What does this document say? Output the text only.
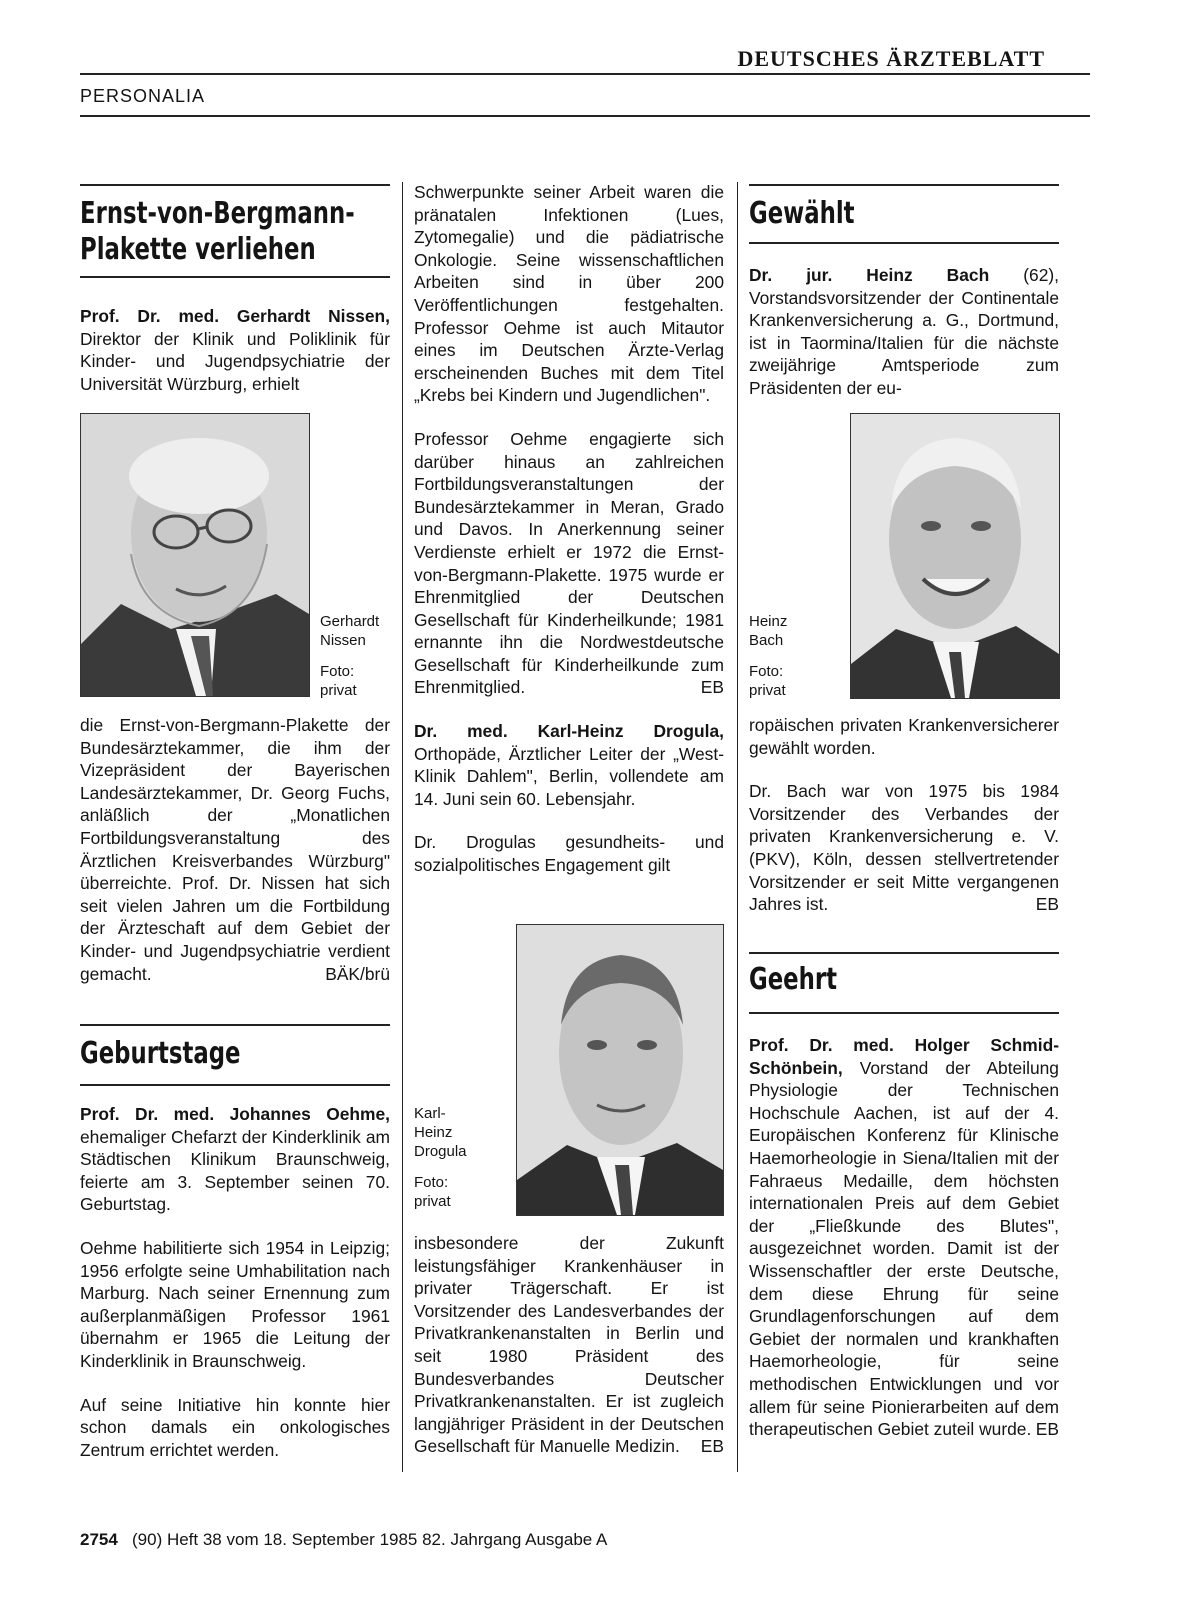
DEUTSCHES ÄRZTEBLATT
PERSONALIA
Ernst-von-Bergmann-
Plakette verliehen

Prof. Dr. med. Gerhardt Nissen, Direktor der Klinik und Poliklinik für Kinder- und Jugendpsychiatrie der Universität Würzburg, erhielt

Gerhardt
Nissen
Foto:
privat

die Ernst-von-Bergmann-Plakette der Bundesärztekammer, die ihm der Vizepräsident der Bayerischen Landesärztekammer, Dr. Georg Fuchs, anläßlich der „Monatlichen Fortbildungsveranstaltung des Ärztlichen Kreisverbandes Würzburg" überreichte. Prof. Dr. Nissen hat sich seit vielen Jahren um die Fortbildung der Ärzteschaft auf dem Gebiet der Kinder- und Jugendpsychiatrie verdient gemacht.	BÄK/brü

Geburtstage

Prof. Dr. med. Johannes Oehme, ehemaliger Chefarzt der Kinderklinik am Städtischen Klinikum Braunschweig, feierte am 3. September seinen 70. Geburtstag.

Oehme habilitierte sich 1954 in Leipzig; 1956 erfolgte seine Umhabilitation nach Marburg. Nach seiner Ernennung zum außerplanmäßigen Professor 1961 übernahm er 1965 die Leitung der Kinderklinik in Braunschweig.

Auf seine Initiative hin konnte hier schon damals ein onkologisches Zentrum errichtet werden.

Schwerpunkte seiner Arbeit waren die pränatalen Infektionen (Lues, Zytomegalie) und die pädiatrische Onkologie. Seine wissenschaftlichen Arbeiten sind in über 200 Veröffentlichungen festgehalten. Professor Oehme ist auch Mitautor eines im Deutschen Ärzte-Verlag erscheinenden Buches mit dem Titel „Krebs bei Kindern und Jugendlichen".

Professor Oehme engagierte sich darüber hinaus an zahlreichen Fortbildungsveranstaltungen der Bundesärztekammer in Meran, Grado und Davos. In Anerkennung seiner Verdienste erhielt er 1972 die Ernst-von-Bergmann-Plakette. 1975 wurde er Ehrenmitglied der Deutschen Gesellschaft für Kinderheilkunde; 1981 ernannte ihn die Nordwestdeutsche Gesellschaft für Kinderheilkunde zum Ehrenmitglied.	EB

Dr. med. Karl-Heinz Drogula, Orthopäde, Ärztlicher Leiter der „West-Klinik Dahlem", Berlin, vollendete am 14. Juni sein 60. Lebensjahr.

Dr. Drogulas gesundheits- und sozialpolitisches Engagement gilt

Karl-
Heinz
Drogula
Foto:
privat

insbesondere der Zukunft leistungsfähiger Krankenhäuser in privater Trägerschaft. Er ist Vorsitzender des Landesverbandes der Privatkrankenanstalten in Berlin und seit 1980 Präsident des Bundesverbandes Deutscher Privatkrankenanstalten. Er ist zugleich langjähriger Präsident in der Deutschen Gesellschaft für Manuelle Medizin. EB

Gewählt

Dr. jur. Heinz Bach (62), Vorstandsvorsitzender der Continentale Krankenversicherung a. G., Dortmund, ist in Taormina/Italien für die nächste zweijährige Amtsperiode zum Präsidenten der eu-

Heinz
Bach
Foto:
privat

ropäischen privaten Krankenversicherer gewählt worden.

Dr. Bach war von 1975 bis 1984 Vorsitzender des Verbandes der privaten Krankenversicherung e. V. (PKV), Köln, dessen stellvertretender Vorsitzender er seit Mitte vergangenen Jahres ist.	EB

Geehrt

Prof. Dr. med. Holger Schmid-Schönbein, Vorstand der Abteilung Physiologie der Technischen Hochschule Aachen, ist auf der 4. Europäischen Konferenz für Klinische Haemorheologie in Siena/Italien mit der Fahraeus Medaille, dem höchsten internationalen Preis auf dem Gebiet der „Fließkunde des Blutes", ausgezeichnet worden. Damit ist der Wissenschaftler der erste Deutsche, dem diese Ehrung für seine Grundlagenforschungen auf dem Gebiet der normalen und krankhaften Haemorheologie, für seine methodischen Entwicklungen und vor allem für seine Pionierarbeiten auf dem therapeutischen Gebiet zuteil wurde. EB

2754 (90) Heft 38 vom 18. September 1985 82. Jahrgang Ausgabe A
